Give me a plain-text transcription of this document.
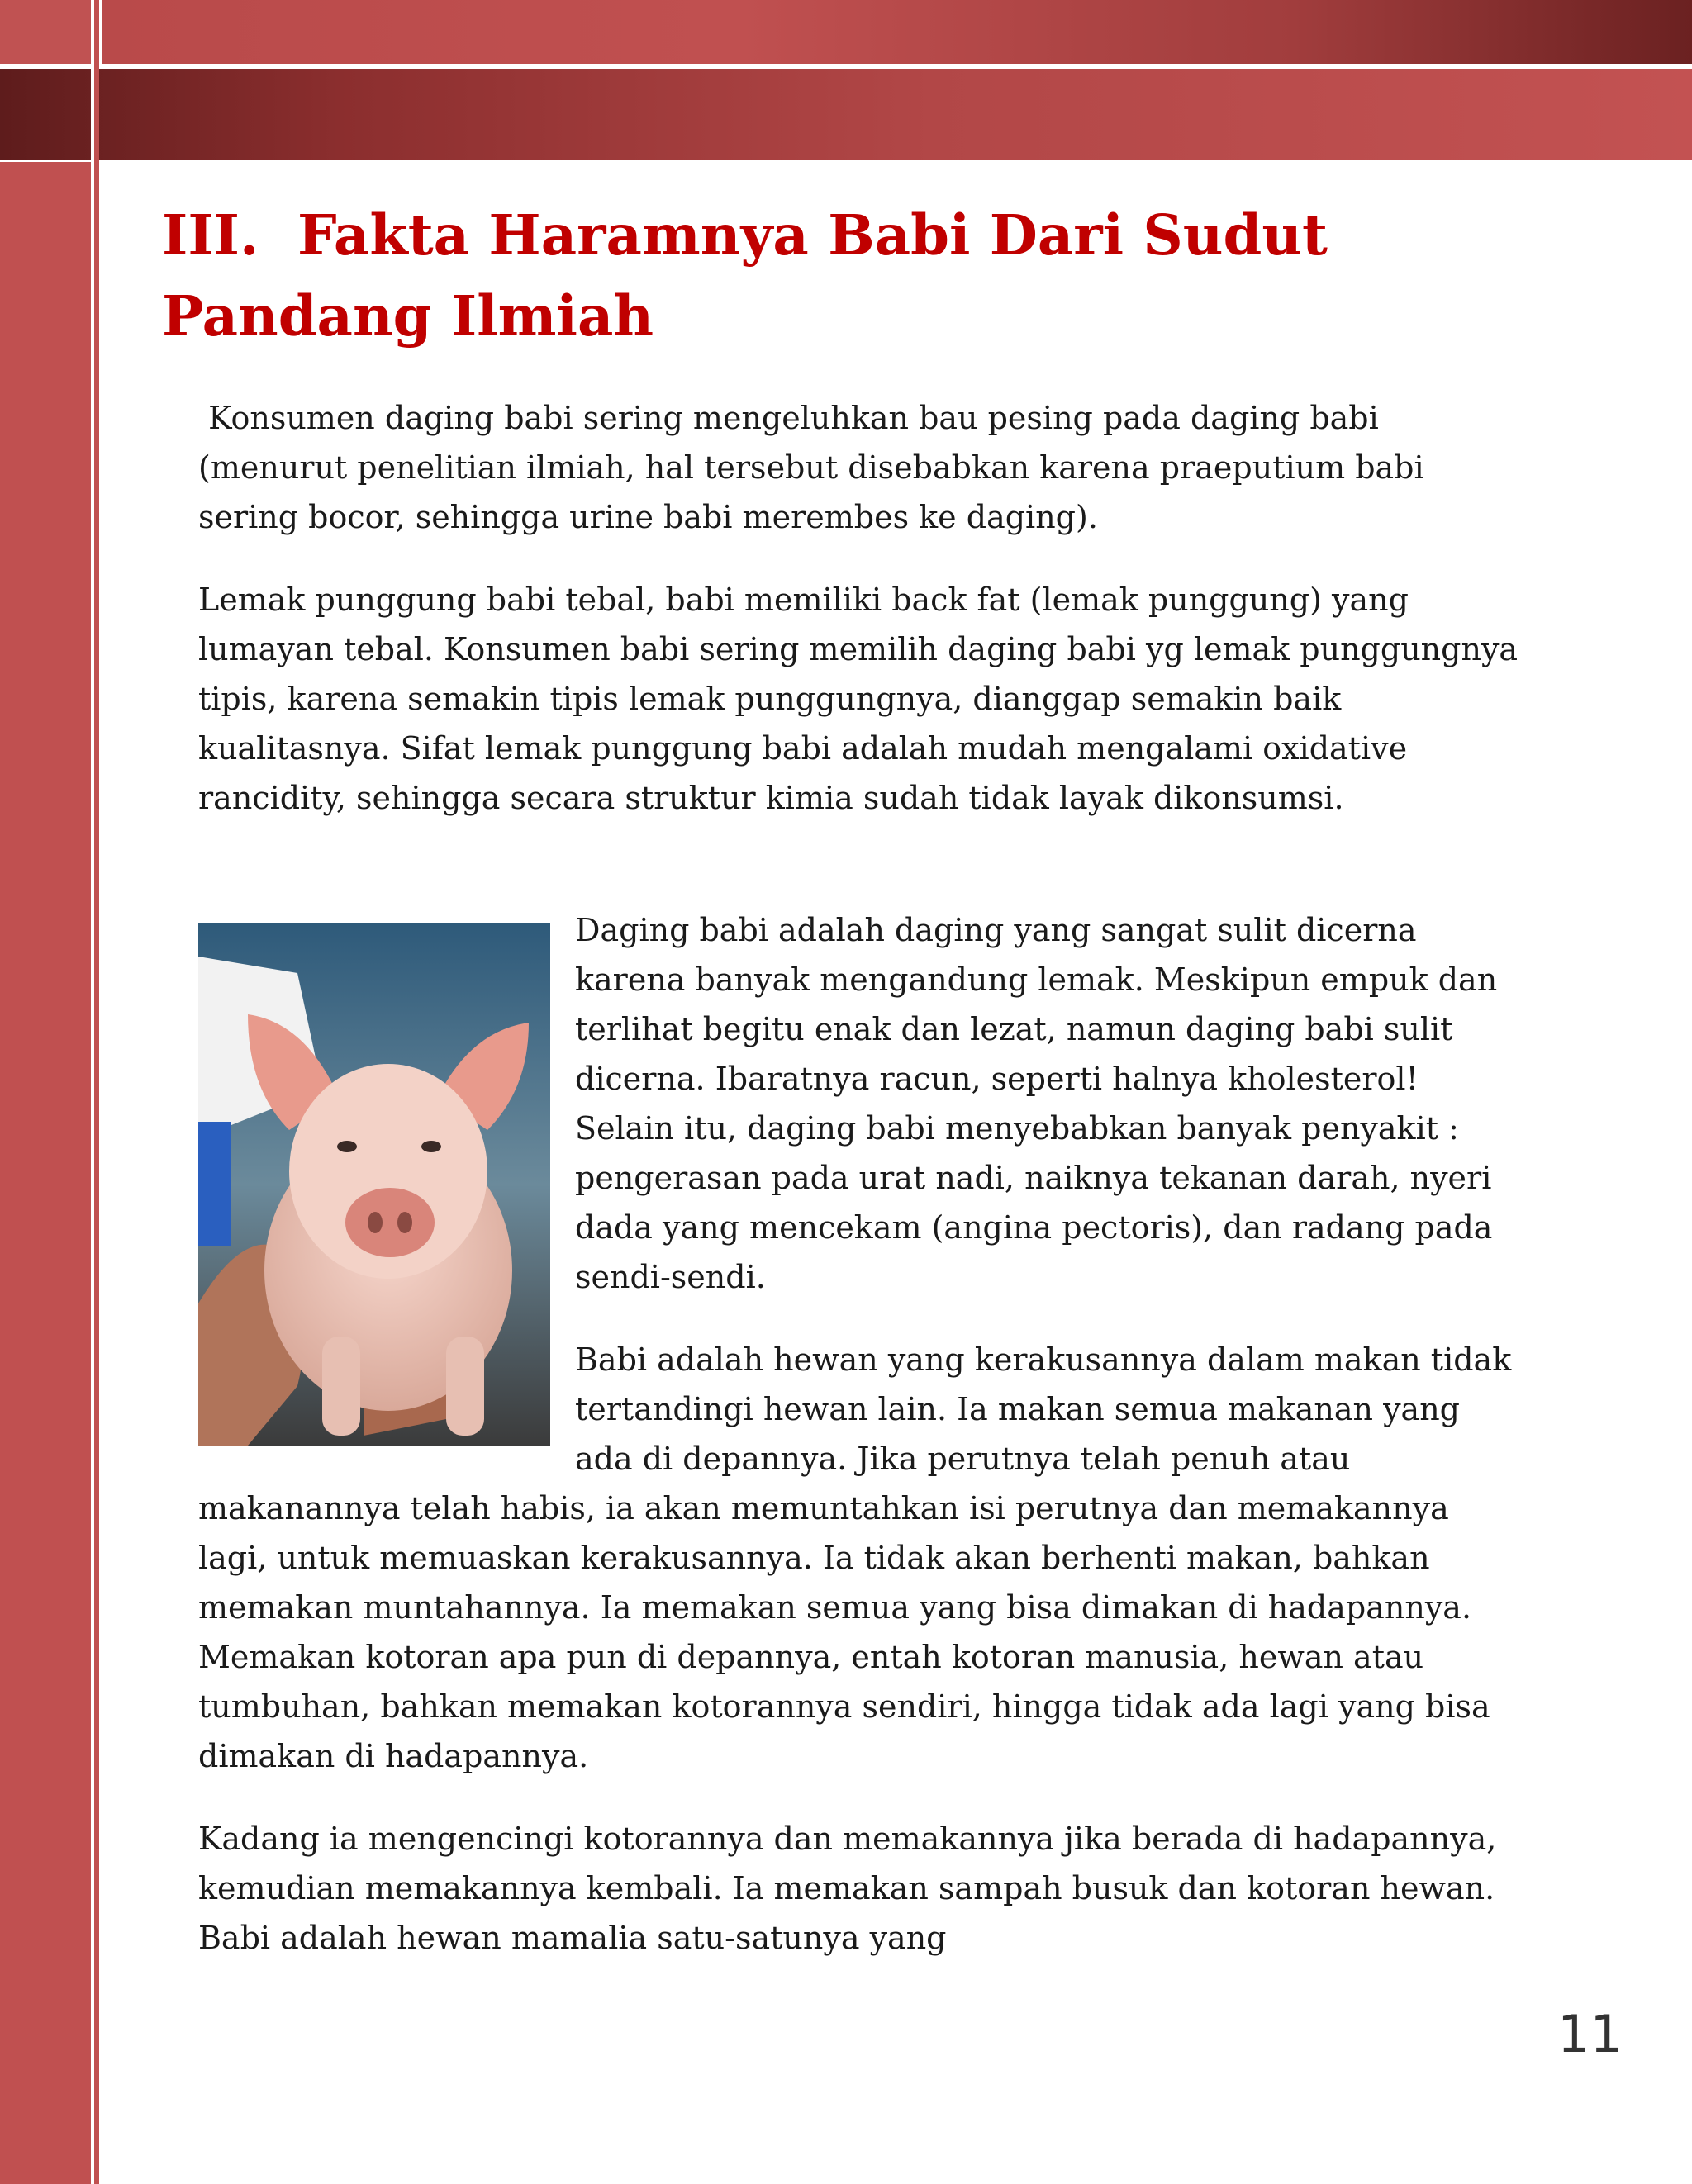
III. Fakta Haramnya Babi Dari Sudut
Pandang Ilmiah

Konsumen daging babi sering mengeluhkan bau pesing pada daging babi (menurut penelitian ilmiah, hal tersebut disebabkan karena praeputium babi sering bocor, sehingga urine babi merembes ke daging).

Lemak punggung babi tebal, babi memiliki back fat (lemak punggung) yang lumayan tebal. Konsumen babi sering memilih daging babi yg lemak punggungnya tipis, karena semakin tipis lemak punggungnya, dianggap semakin baik kualitasnya. Sifat lemak punggung babi adalah mudah mengalami oxidative rancidity, sehingga secara struktur kimia sudah tidak layak dikonsumsi.

Daging babi adalah daging yang sangat sulit dicerna karena banyak mengandung lemak. Meskipun empuk dan terlihat begitu enak dan lezat, namun daging babi sulit dicerna. Ibaratnya racun, seperti halnya kholesterol! Selain itu, daging babi menyebabkan banyak penyakit : pengerasan pada urat nadi, naiknya tekanan darah, nyeri dada yang mencekam (angina pectoris), dan radang pada sendi-sendi.

Babi adalah hewan yang kerakusannya dalam makan tidak tertandingi hewan lain. Ia makan semua makanan yang ada di depannya. Jika perutnya telah penuh atau makanannya telah habis, ia akan memuntahkan isi perutnya dan memakannya lagi, untuk memuaskan kerakusannya. Ia tidak akan berhenti makan, bahkan memakan muntahannya. Ia memakan semua yang bisa dimakan di hadapannya. Memakan kotoran apa pun di depannya, entah kotoran manusia, hewan atau tumbuhan, bahkan memakan kotorannya sendiri, hingga tidak ada lagi yang bisa dimakan di hadapannya.

Kadang ia mengencingi kotorannya dan memakannya jika berada di hadapannya, kemudian memakannya kembali. Ia memakan sampah busuk dan kotoran hewan. Babi adalah hewan mamalia satu-satunya yang

11
